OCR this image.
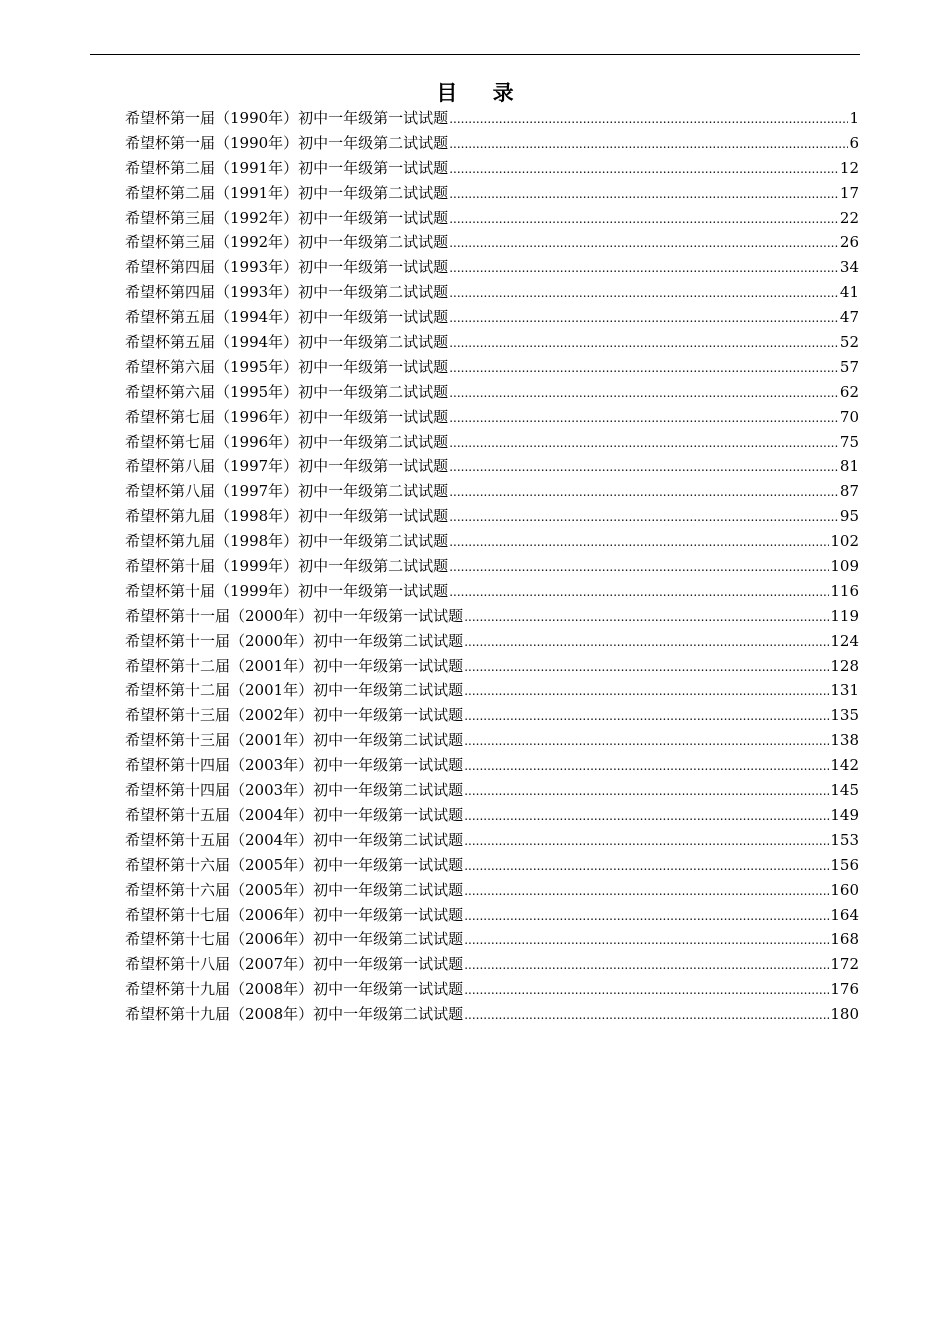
目 录
希望杯第一届（1990年）初中一年级第一试试题 .....	1
希望杯第一届（1990年）初中一年级第二试试题 .....	6
希望杯第二届（1991年）初中一年级第一试试题 .....	12
希望杯第二届（1991年）初中一年级第二试试题 .....	17
希望杯第三届（1992年）初中一年级第一试试题 .....	22
希望杯第三届（1992年）初中一年级第二试试题 .....	26
希望杯第四届（1993年）初中一年级第一试试题 .....	34
希望杯第四届（1993年）初中一年级第二试试题 .....	41
希望杯第五届（1994年）初中一年级第一试试题 .....	47
希望杯第五届（1994年）初中一年级第二试试题 .....	52
希望杯第六届（1995年）初中一年级第一试试题 .....	57
希望杯第六届（1995年）初中一年级第二试试题 .....	62
希望杯第七届（1996年）初中一年级第一试试题 .....	70
希望杯第七届（1996年）初中一年级第二试试题 .....	75
希望杯第八届（1997年）初中一年级第一试试题 .....	81
希望杯第八届（1997年）初中一年级第二试试题 .....	87
希望杯第九届（1998年）初中一年级第一试试题 .....	95
希望杯第九届（1998年）初中一年级第二试试题 .....	102
希望杯第十届（1999年）初中一年级第二试试题 .....	109
希望杯第十届（1999年）初中一年级第一试试题 .....	116
希望杯第十一届（2000年）初中一年级第一试试题 .....	119
希望杯第十一届（2000年）初中一年级第二试试题 .....	124
希望杯第十二届（2001年）初中一年级第一试试题 .....	128
希望杯第十二届（2001年）初中一年级第二试试题 .....	131
希望杯第十三届（2002年）初中一年级第一试试题 .....	135
希望杯第十三届（2001年）初中一年级第二试试题 .....	138
希望杯第十四届（2003年）初中一年级第一试试题 .....	142
希望杯第十四届（2003年）初中一年级第二试试题 .....	145
希望杯第十五届（2004年）初中一年级第一试试题 .....	149
希望杯第十五届（2004年）初中一年级第二试试题 .....	153
希望杯第十六届（2005年）初中一年级第一试试题 .....	156
希望杯第十六届（2005年）初中一年级第二试试题 .....	160
希望杯第十七届（2006年）初中一年级第一试试题 .....	164
希望杯第十七届（2006年）初中一年级第二试试题 .....	168
希望杯第十八届（2007年）初中一年级第一试试题 .....	172
希望杯第十九届（2008年）初中一年级第一试试题 .....	176
希望杯第十九届（2008年）初中一年级第二试试题 .....	180
